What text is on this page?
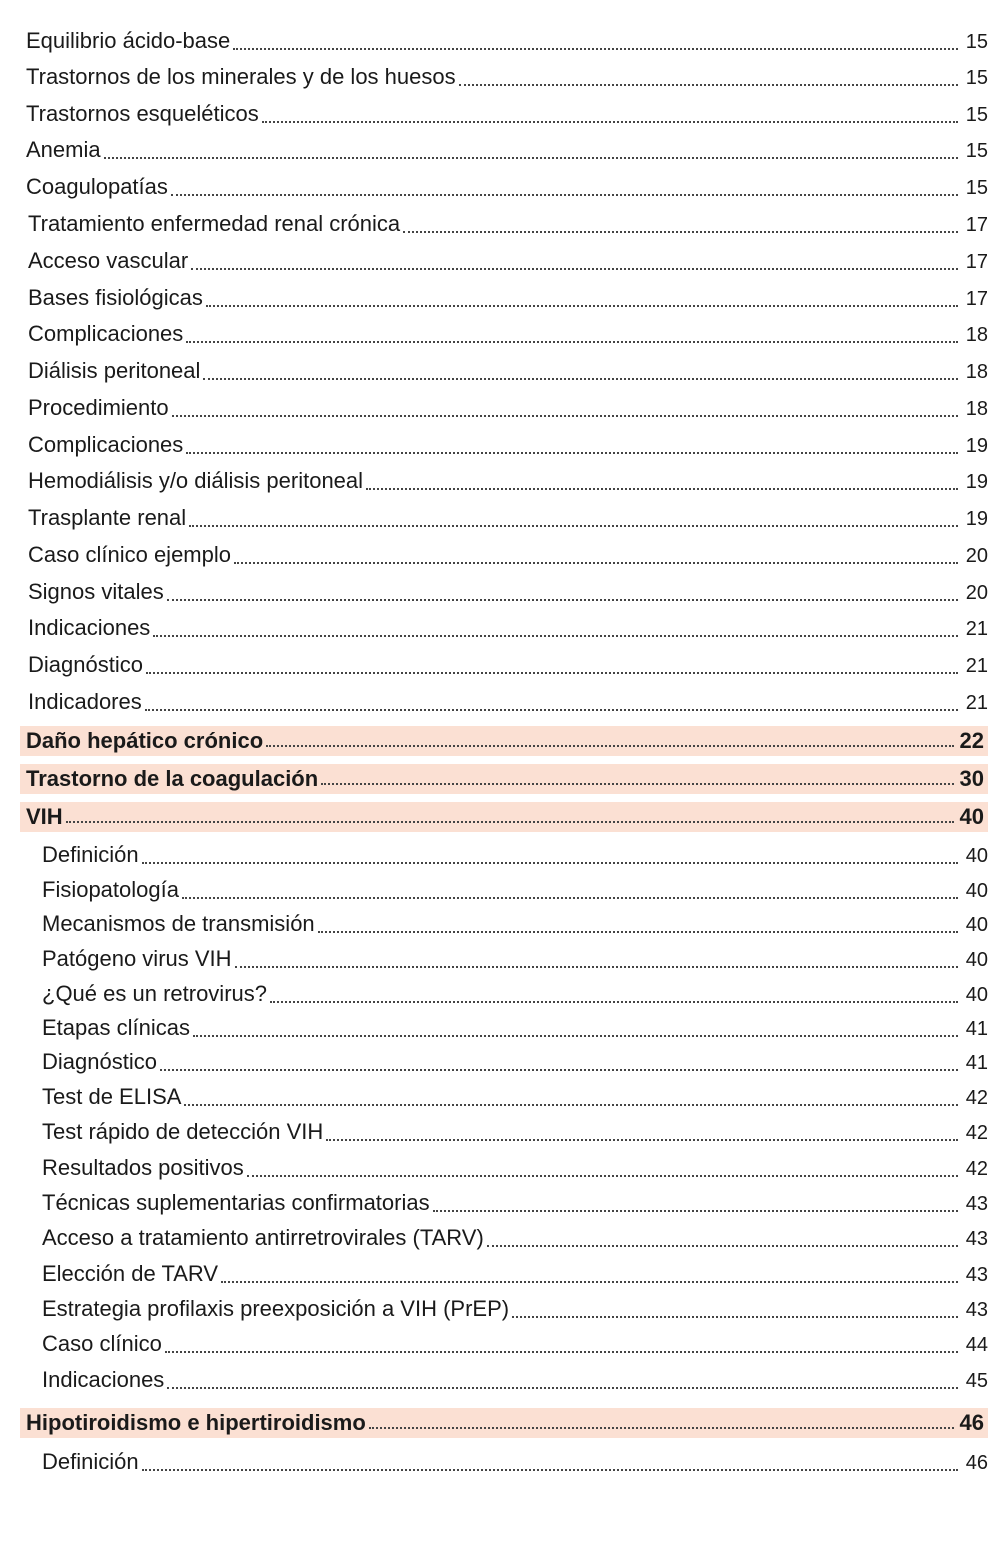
Equilibrio ácido-base	15
Trastornos de los minerales y de los huesos	15
Trastornos esqueléticos	15
Anemia	15
Coagulopatías	15
Tratamiento enfermedad renal crónica	17
Acceso vascular	17
Bases fisiológicas	17
Complicaciones	18
Diálisis peritoneal	18
Procedimiento	18
Complicaciones	19
Hemodiálisis y/o diálisis peritoneal	19
Trasplante renal	19
Caso clínico ejemplo	20
Signos vitales	20
Indicaciones	21
Diagnóstico	21
Indicadores	21
Daño hepático crónico	22
Trastorno de la coagulación	30
VIH	40
Definición	40
Fisiopatología	40
Mecanismos de transmisión	40
Patógeno virus VIH	40
¿Qué es un retrovirus?	40
Etapas clínicas	41
Diagnóstico	41
Test de ELISA	42
Test rápido de detección VIH	42
Resultados positivos	42
Técnicas suplementarias confirmatorias	43
Acceso a tratamiento antirretrovirales (TARV)	43
Elección de TARV	43
Estrategia profilaxis preexposición a VIH (PrEP)	43
Caso clínico	44
Indicaciones	45
Hipotiroidismo e hipertiroidismo	46
Definición	46
